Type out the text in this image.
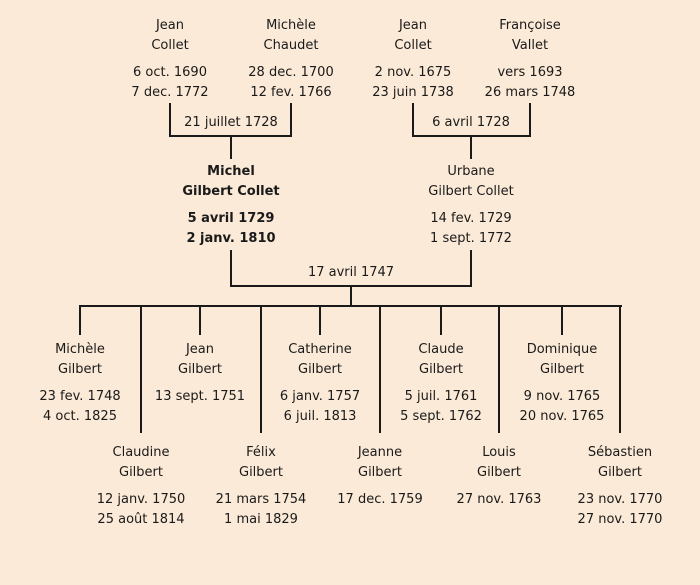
21 juillet 1728	6 avril 1728
17 avril 1747
Jean
Collet
6 oct. 1690
7 dec. 1772
Michèle
Chaudet
28 dec. 1700
12 fev. 1766
Jean
Collet
2 nov. 1675
23 juin 1738
Françoise
Vallet
vers 1693
26 mars 1748
Michel
Gilbert Collet
5 avril 1729
2 janv. 1810
Urbane
Gilbert Collet
14 fev. 1729
1 sept. 1772
Michèle
Gilbert
23 fev. 1748
4 oct. 1825
Jean
Gilbert
13 sept. 1751
Catherine
Gilbert
6 janv. 1757
6 juil. 1813
Claude
Gilbert
5 juil. 1761
5 sept. 1762
Dominique
Gilbert
9 nov. 1765
20 nov. 1765
Claudine
Gilbert
12 janv. 1750
25 août 1814
Félix
Gilbert
21 mars 1754
1 mai 1829
Jeanne
Gilbert
17 dec. 1759
Louis
Gilbert
27 nov. 1763
Sébastien
Gilbert
23 nov. 1770
27 nov. 1770
